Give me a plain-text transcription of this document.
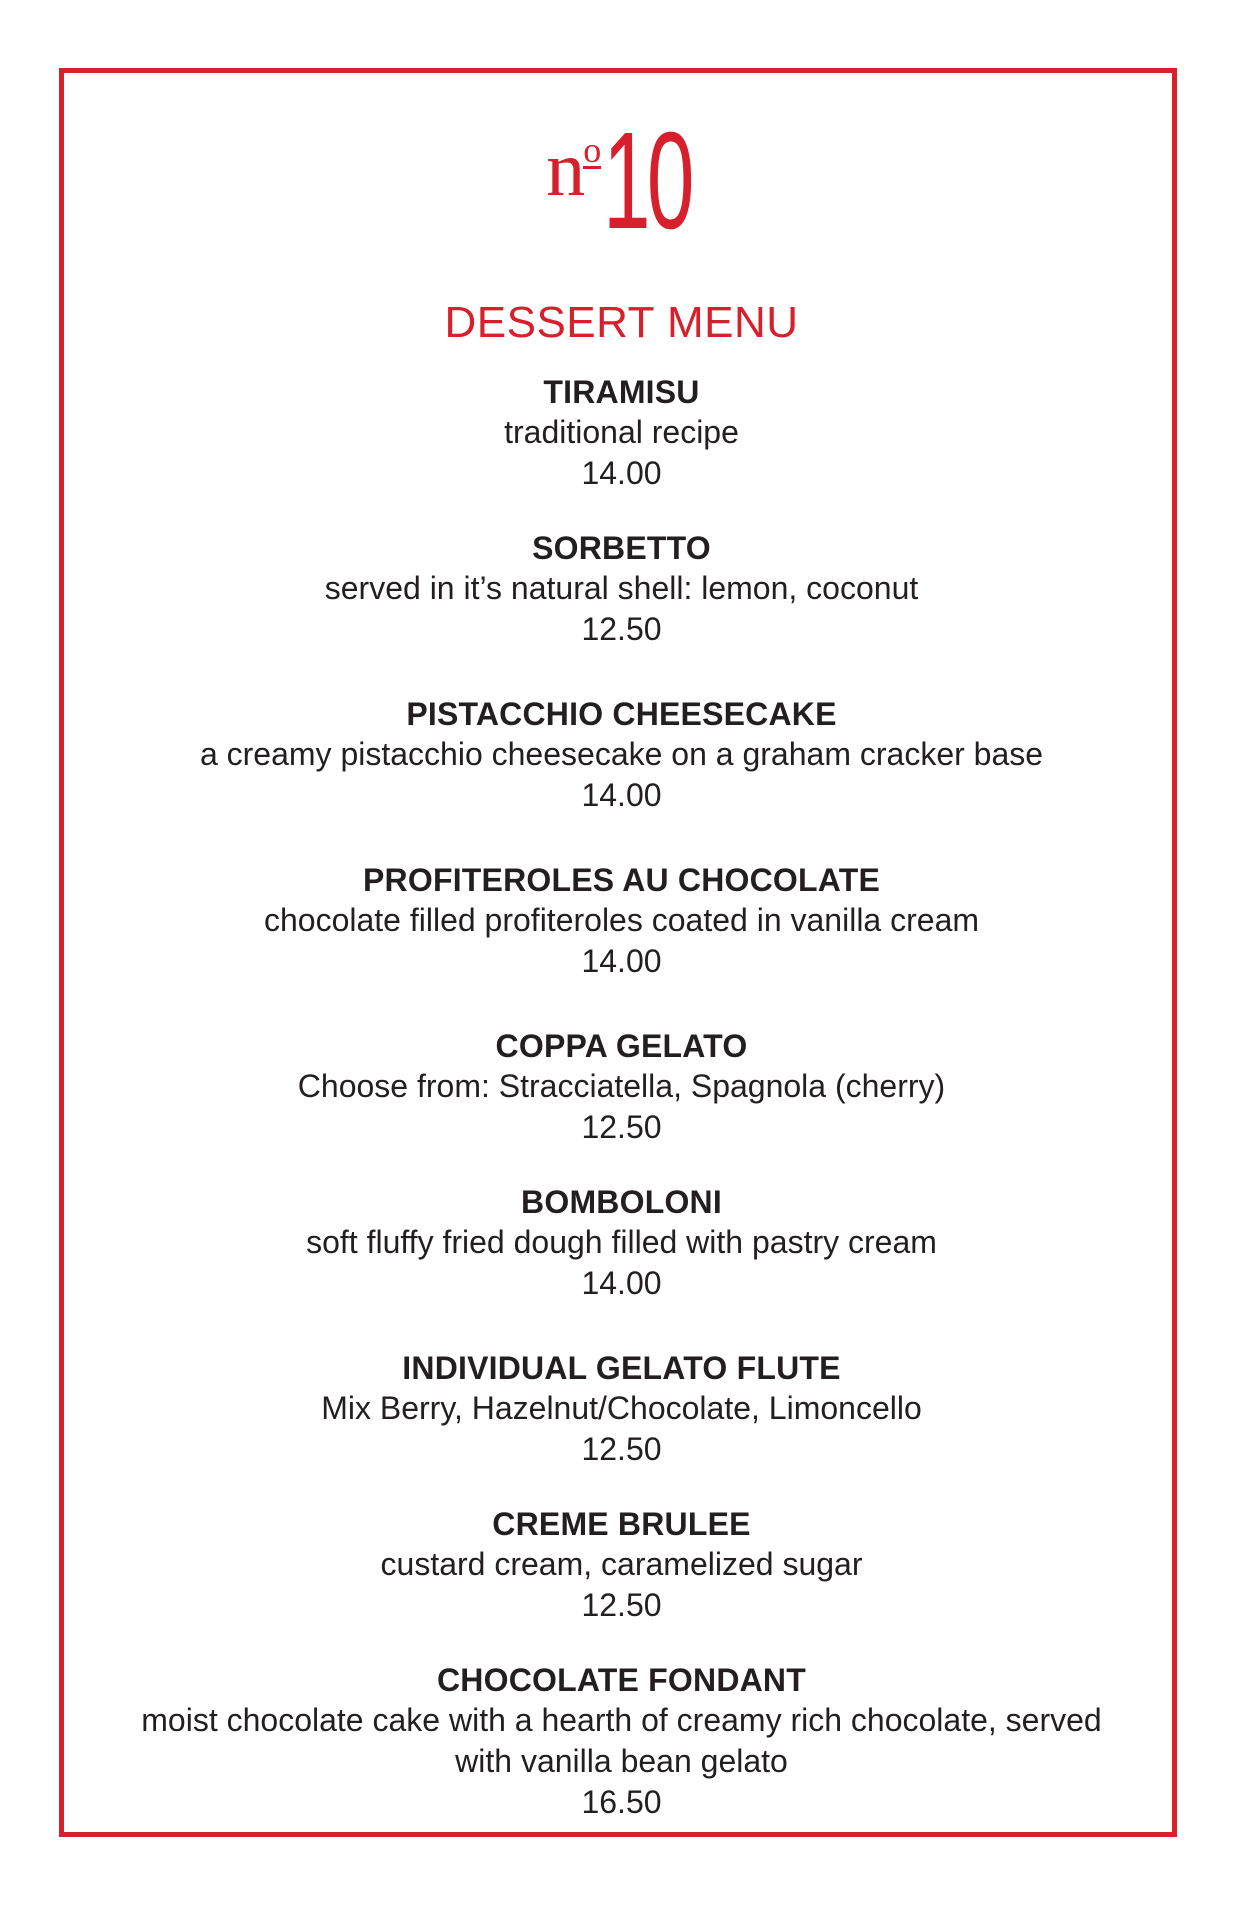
no10
DESSERT MENU
TIRAMISU
traditional recipe
14.00
SORBETTO
served in it’s natural shell: lemon, coconut
12.50
PISTACCHIO CHEESECAKE
a creamy pistacchio cheesecake on a graham cracker base
14.00
PROFITEROLES AU CHOCOLATE
chocolate filled profiteroles coated in vanilla cream
14.00
COPPA GELATO
Choose from: Stracciatella, Spagnola (cherry)
12.50
BOMBOLONI
soft fluffy fried dough filled with pastry cream
14.00
INDIVIDUAL GELATO FLUTE
Mix Berry, Hazelnut/Chocolate, Limoncello
12.50
CREME BRULEE
custard cream, caramelized sugar
12.50
CHOCOLATE FONDANT
moist chocolate cake with a hearth of creamy rich chocolate, served
with vanilla bean gelato
16.50
